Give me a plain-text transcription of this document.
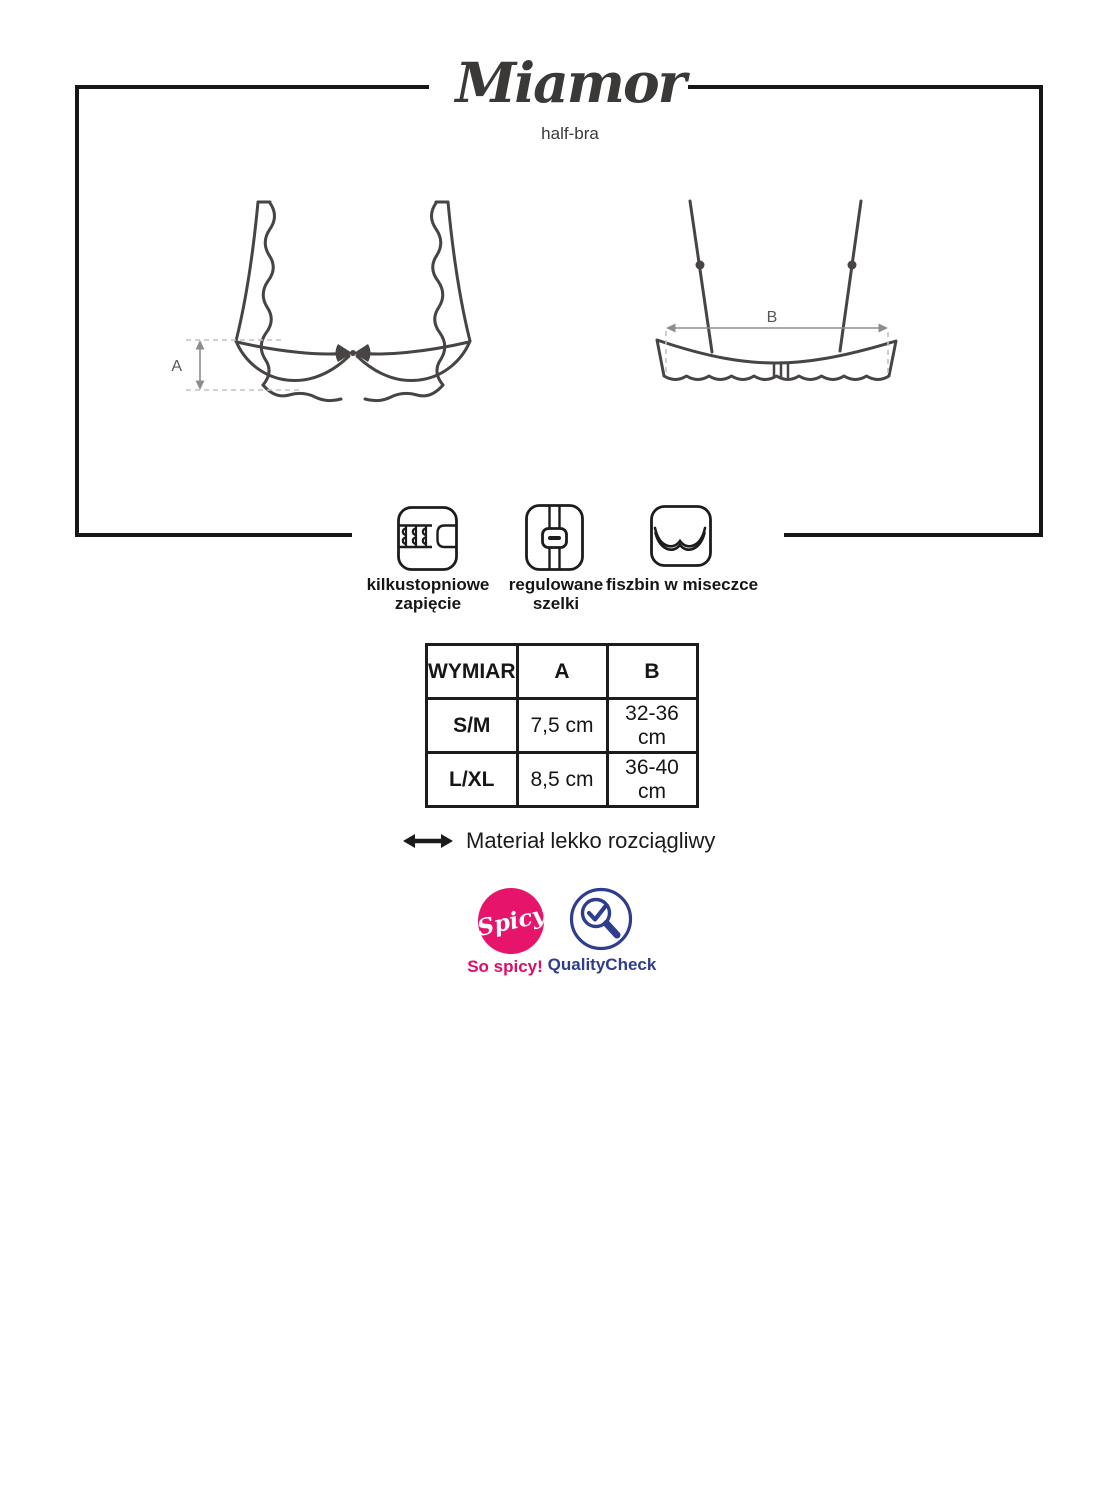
A
B
Miamor
half-bra
kilkustopniowe
zapięcie
regulowane
szelki
fiszbin w miseczce
WYMIAR	A	B
S/M	7,5 cm	32-36 cm
L/XL	8,5 cm	36-40 cm
Materiał lekko rozciągliwy
Spicy
So spicy! QualityCheck
